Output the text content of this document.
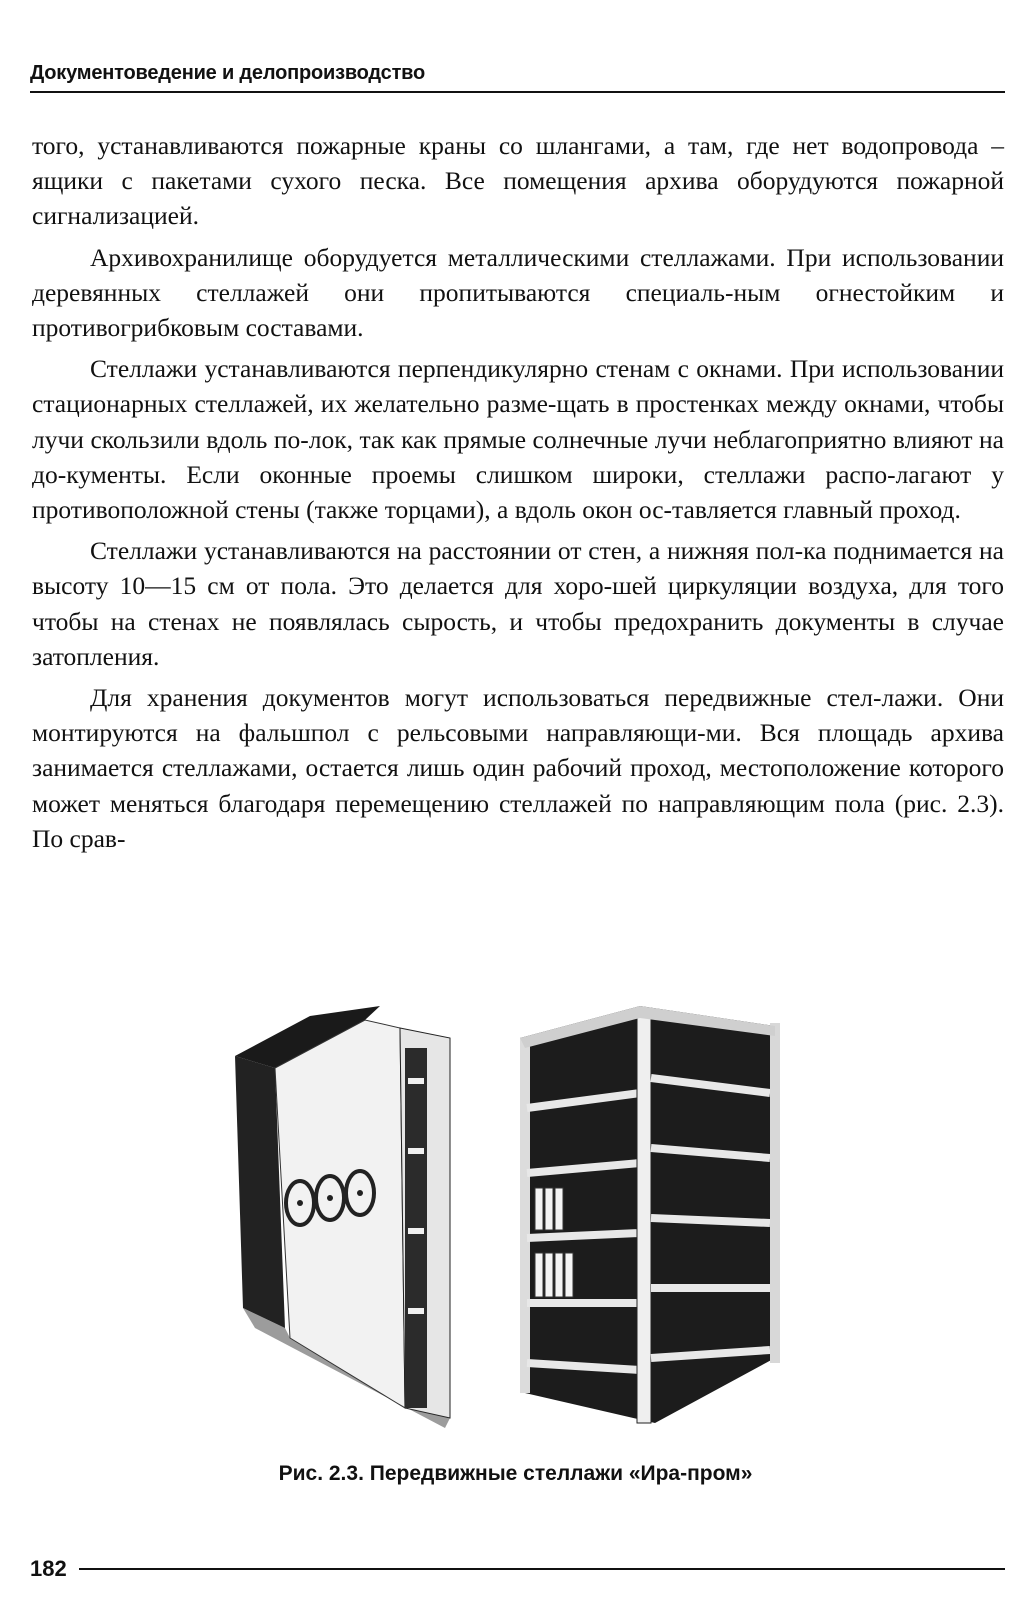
Документоведение и делопроизводство

того, устанавливаются пожарные краны со шлангами, а там, где нет водопровода – ящики с пакетами сухого песка. Все помещения архива оборудуются пожарной сигнализацией.

Архивохранилище оборудуется металлическими стеллажами. При использовании деревянных стеллажей они пропитываются специаль-ным огнестойким и противогрибковым составами.

Стеллажи устанавливаются перпендикулярно стенам с окнами. При использовании стационарных стеллажей, их желательно разме-щать в простенках между окнами, чтобы лучи скользили вдоль по-лок, так как прямые солнечные лучи неблагоприятно влияют на до-кументы. Если оконные проемы слишком широки, стеллажи распо-лагают у противоположной стены (также торцами), а вдоль окон ос-тавляется главный проход.

Стеллажи устанавливаются на расстоянии от стен, а нижняя пол-ка поднимается на высоту 10—15 см от пола. Это делается для хоро-шей циркуляции воздуха, для того чтобы на стенах не появлялась сырость, и чтобы предохранить документы в случае затопления.

Для хранения документов могут использоваться передвижные стел-лажи. Они монтируются на фальшпол с рельсовыми направляющи-ми. Вся площадь архива занимается стеллажами, остается лишь один рабочий проход, местоположение которого может меняться благодаря перемещению стеллажей по направляющим пола (рис. 2.3). По срав-

Рис. 2.3. Передвижные стеллажи «Ира-пром»
182
